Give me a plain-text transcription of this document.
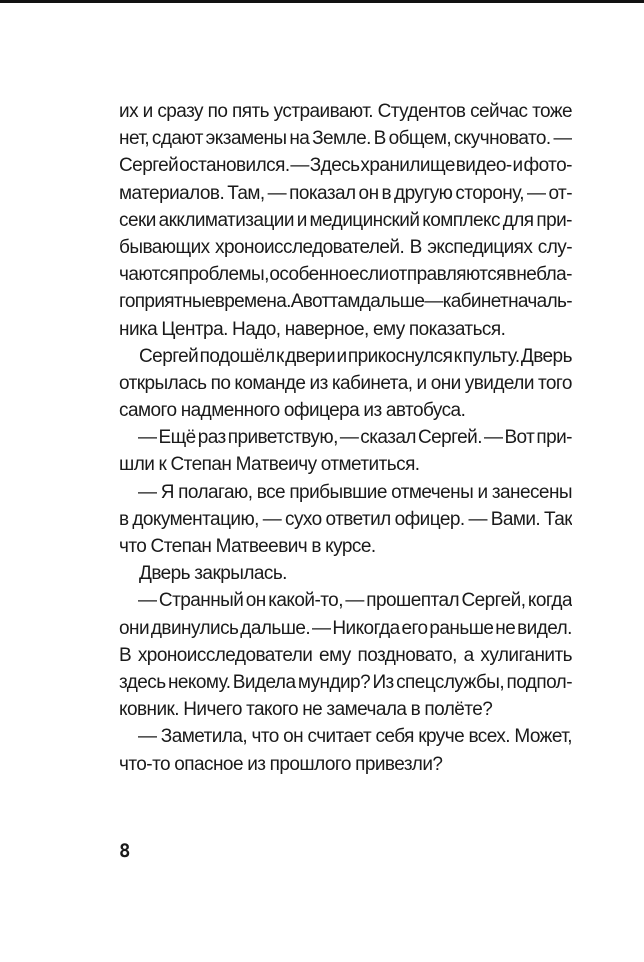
их и сразу по пять устраивают. Студентов сейчас тоже
нет, сдают экзамены на Земле. В общем, скучновато. —
Сергей остановился. — Здесь хранилище видео- и фото-
материалов. Там, — показал он в другую сторону, — от-
секи акклиматизации и медицинский комплекс для при-
бывающих хроноисследователей. В экспедициях слу-
чаются проблемы, особенно если отправляются в небла-
гоприятные времена. А вот там дальше — кабинет началь-
ника Центра. Надо, наверное, ему показаться.
Сергей подошёл к двери и прикоснулся к пульту. Дверь
открылась по команде из кабинета, и они увидели того
самого надменного офицера из автобуса.
— Ещё раз приветствую, — сказал Сергей. — Вот при-
шли к Степан Матвеичу отметиться.
— Я полагаю, все прибывшие отмечены и занесены
в документацию, — сухо ответил офицер. — Вами. Так
что Степан Матвеевич в курсе.
Дверь закрылась.
— Странный он какой-то, — прошептал Сергей, когда
они двинулись дальше. — Никогда его раньше не видел.
В хроноисследователи ему поздновато, а хулиганить
здесь некому. Видела мундир? Из спецслужбы, подпол-
ковник. Ничего такого не замечала в полёте?
— Заметила, что он считает себя круче всех. Может,
что-то опасное из прошлого привезли?
8
